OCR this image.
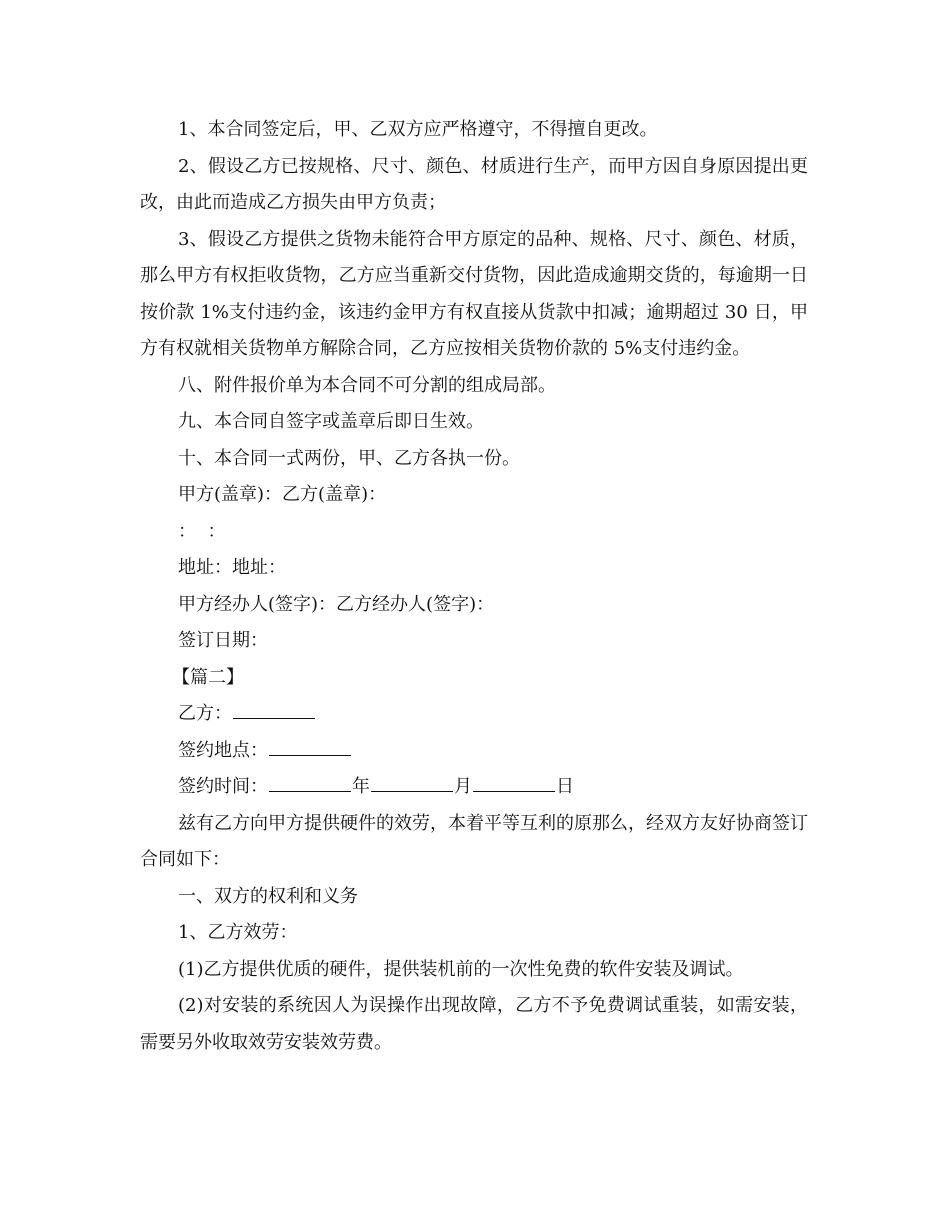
1、本合同签定后，甲、乙双方应严格遵守，不得擅自更改。

2、假设乙方已按规格、尺寸、颜色、材质进行生产，而甲方因自身原因提出更改，由此而造成乙方损失由甲方负责；

3、假设乙方提供之货物未能符合甲方原定的品种、规格、尺寸、颜色、材质，那么甲方有权拒收货物，乙方应当重新交付货物，因此造成逾期交货的，每逾期一日按价款 1%支付违约金，该违约金甲方有权直接从货款中扣减；逾期超过 30 日，甲方有权就相关货物单方解除合同，乙方应按相关货物价款的 5%支付违约金。

八、附件报价单为本合同不可分割的组成局部。

九、本合同自签字或盖章后即日生效。

十、本合同一式两份，甲、乙方各执一份。

甲方(盖章)：乙方(盖章)：

：  ：

地址：地址：

甲方经办人(签字)：乙方经办人(签字)：

签订日期：

【篇二】

乙方：

签约地点：

签约时间：	年	月	日

兹有乙方向甲方提供硬件的效劳，本着平等互利的原那么，经双方友好协商签订合同如下：

一、双方的权利和义务

1、乙方效劳：

(1)乙方提供优质的硬件，提供装机前的一次性免费的软件安装及调试。

(2)对安装的系统因人为误操作出现故障，乙方不予免费调试重装，如需安装，需要另外收取效劳安装效劳费。
